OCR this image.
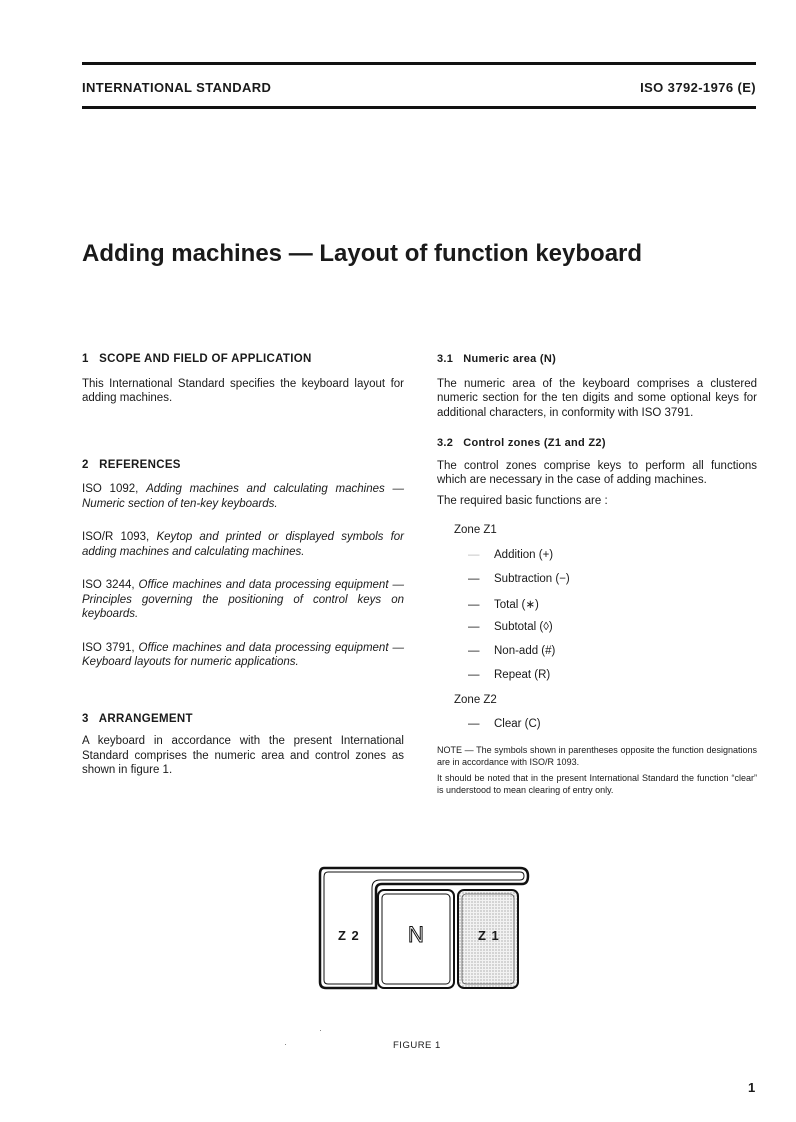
INTERNATIONAL STANDARD	ISO 3792-1976 (E)
Adding machines — Layout of function keyboard
1   SCOPE AND FIELD OF APPLICATION

This International Standard specifies the keyboard layout for adding machines.

2   REFERENCES

ISO 1092, Adding machines and calculating machines — Numeric section of ten-key keyboards.

ISO/R 1093, Keytop and printed or displayed symbols for adding machines and calculating machines.

ISO 3244, Office machines and data processing equipment — Principles governing the positioning of control keys on keyboards.

ISO 3791, Office machines and data processing equipment — Keyboard layouts for numeric applications.

3   ARRANGEMENT

A keyboard in accordance with the present International Standard comprises the numeric area and control zones as shown in figure 1.

3.1   Numeric area (N)

The numeric area of the keyboard comprises a clustered numeric section for the ten digits and some optional keys for additional characters, in conformity with ISO 3791.

3.2   Control zones (Z1 and Z2)

The control zones comprise keys to perform all functions which are necessary in the case of adding machines.

The required basic functions are :

Zone Z1
— Addition (+)
— Subtraction (−)
— Total (∗)
— Subtotal (◊)
— Non-add (#)
— Repeat (R)
Zone Z2
— Clear (C)

NOTE — The symbols shown in parentheses opposite the function designations are in accordance with ISO/R 1093.

It should be noted that in the present International Standard the function “clear” is understood to mean clearing of entry only.

Z 2 N	Z 1
FIGURE 1
1
